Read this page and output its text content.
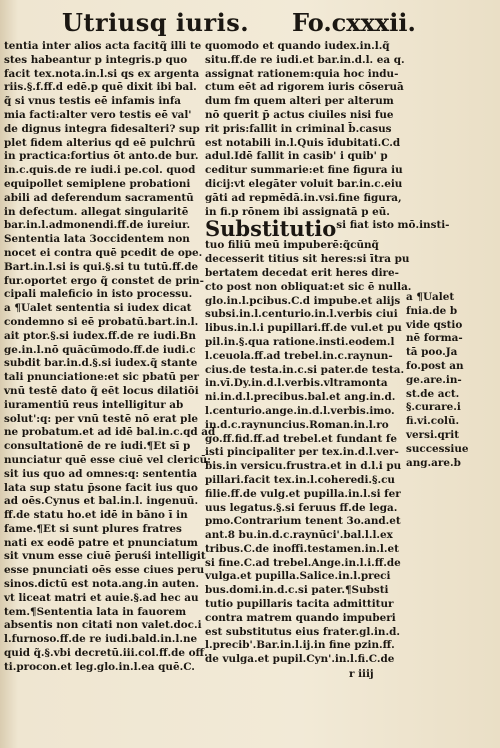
Utriusq iuris. Fo.cxxxii.
tentia inter alios acta facitq̃ illi te
stes habeantur p integris.p quo
facit tex.nota.in.l.si qs ex argenta
riis.§.f.ff.d edē.p quē dixit ibi bal.
q̃ si vnus testis eē infamis infa
mia facti:alter vero testis eē val'
de dignus integra fidesalteri? sup
plet fidem alterius qd eē pulchrū
in practica:fortius ōt anto.de bur.
in.c.quis.de re iudi.i pe.col. quod
equipollet semiplene probationi
abili ad deferendum sacramentū
in defectum. allegat singularitē
bar.in.l.admonendi.ff.de iureiur.
Sententia lata 3occidentem non
nocet ei contra quē pcedit de ope.
Bart.in.l.si is qui.§.si tu tutū.ff.de
fur.oportet ergo q̃ constet de prin-
cipali maleficio in isto processu.
a ¶Ualet sententia si iudex dicat
condemno si eē probatū.bart.in.l.
ait ptor.§.si iudex.ff.de re iudi.Bn
ge.in.l.nō quācūmodo.ff.de iudi.c
subdit bar.in.d.§.si iudex.q̃ stante
tali pnunciatione:et sic pbatū per
vnū testē dato q̃ eēt locus dilatiōi
iuramentiū reus intelligitur ab
solut':q: per vnū testē nō erat ple
ne probatum.et ad idē bal.in.c.qd ad
consultationē de re iudi.¶Et sī p
nunciatur quē esse ciuē vel clericū:
sit ius quo ad omnes:q: sententia
lata sup statu p̄sone facit ius quo
ad oēs.Cynus et bal.in.l. ingenuū.
ff.de statu ho.et idē in bāno ī in
fame.¶Et si sunt plures fratres
nati ex eodē patre et pnunciatum
sit vnum esse ciuē p̄eruśi intelligit
esse pnunciati oēs esse ciues peru
sinos.dictū est nota.ang.in auten.
vt liceat matri et auie.§.ad hec au
tem.¶Sententia lata in fauorem
absentis non citati non valet.doc.i
l.furnoso.ff.de re iudi.bald.in.l.ne
quid q̃.§.vbi decretū.iii.col.ff.de off.
ti.procon.et leg.glo.in.l.ea quē.C.
quomodo et quando iudex.in.l.q̃
situ.ff.de re iudi.et bar.in.d.l. ea q.
assignat rationem:quia hoc indu-
ctum eēt ad rigorem iuris cōseruā
dum fm quem alteri per alterum
nō querit p̄ actus ciuiles nisi fue
rit pris:fallit in criminal b̄.casus
est notabili in.l.Quis īdubitati.C.d
adul.Idē fallit in casib' i quib' p
ceditur summarie:et fine figura iu
dicij:vt elegāter voluit bar.in.c.eiu
gāti ad repmēdā.in.vsi.fine figura,
in fi.p rōnem ibi assignatā p eū.
Substitutio$^{si fiat isto mō.insti-}$
tuo filiū meū impuberē:q̃cūnq̃
decesserit titius sit heres:si ītra pu
bertatem decedat erit heres dire-
cto post non obliquat:et sic ē nulla.
glo.in.l.pcibus.C.d impube.et alijs
subsi.in.l.centurio.in.l.verbis ciui
libus.in.l.i pupillari.ff.de vul.et pu
pil.in.§.qua ratione.insti.eodem.l
l.ceuola.ff.ad trebel.in.c.raynun-
cius.de testa.in.c.si pater.de testa.
in.vī.Dy.in.d.l.verbis.vltramonta
ni.in.d.l.precibus.bal.et ang.in.d.
l.centurio.ange.in.d.l.verbis.imo.
in.d.c.raynuncius.Roman.in.l.ro
go.ff.fid.ff.ad trebel.et fundant fe
isti pincipaliter per tex.in.d.l.ver-
bis.in versicu.frustra.et in d.l.i pu
pillari.facit tex.in.l.coheredi.§.cu
filie.ff.de vulg.et pupilla.in.l.si fer
uus legatus.§.si feruus ff.de lega.
pmo.Contrarium tenent 3o.and.et
ant.8 bu.in.d.c.raynūci'.bal.l.l.ex
tribus.C.de inoffi.testamen.in.l.et
si fine.C.ad trebel.Ange.in.l.i.ff.de
vulga.et pupilla.Salice.in.l.preci
bus.domi.in.d.c.si pater.¶Substi
tutio pupillaris tacita admittitur
contra matrem quando impuberi
est substitutus eius frater.gl.in.d.
l.precib'.Bar.in.l.ij.in fine pzin.ff.
de vulga.et pupil.Cyn'.in.l.fi.C.de
a ¶Ualet
fnia.de b
vide qstio
nē forma-
tā poo.Ja
fo.post an
ge.are.in-
st.de act.
§.curare.i
fi.vi.colū.
versi.qrit
successiue
ang.are.b
r iiij
